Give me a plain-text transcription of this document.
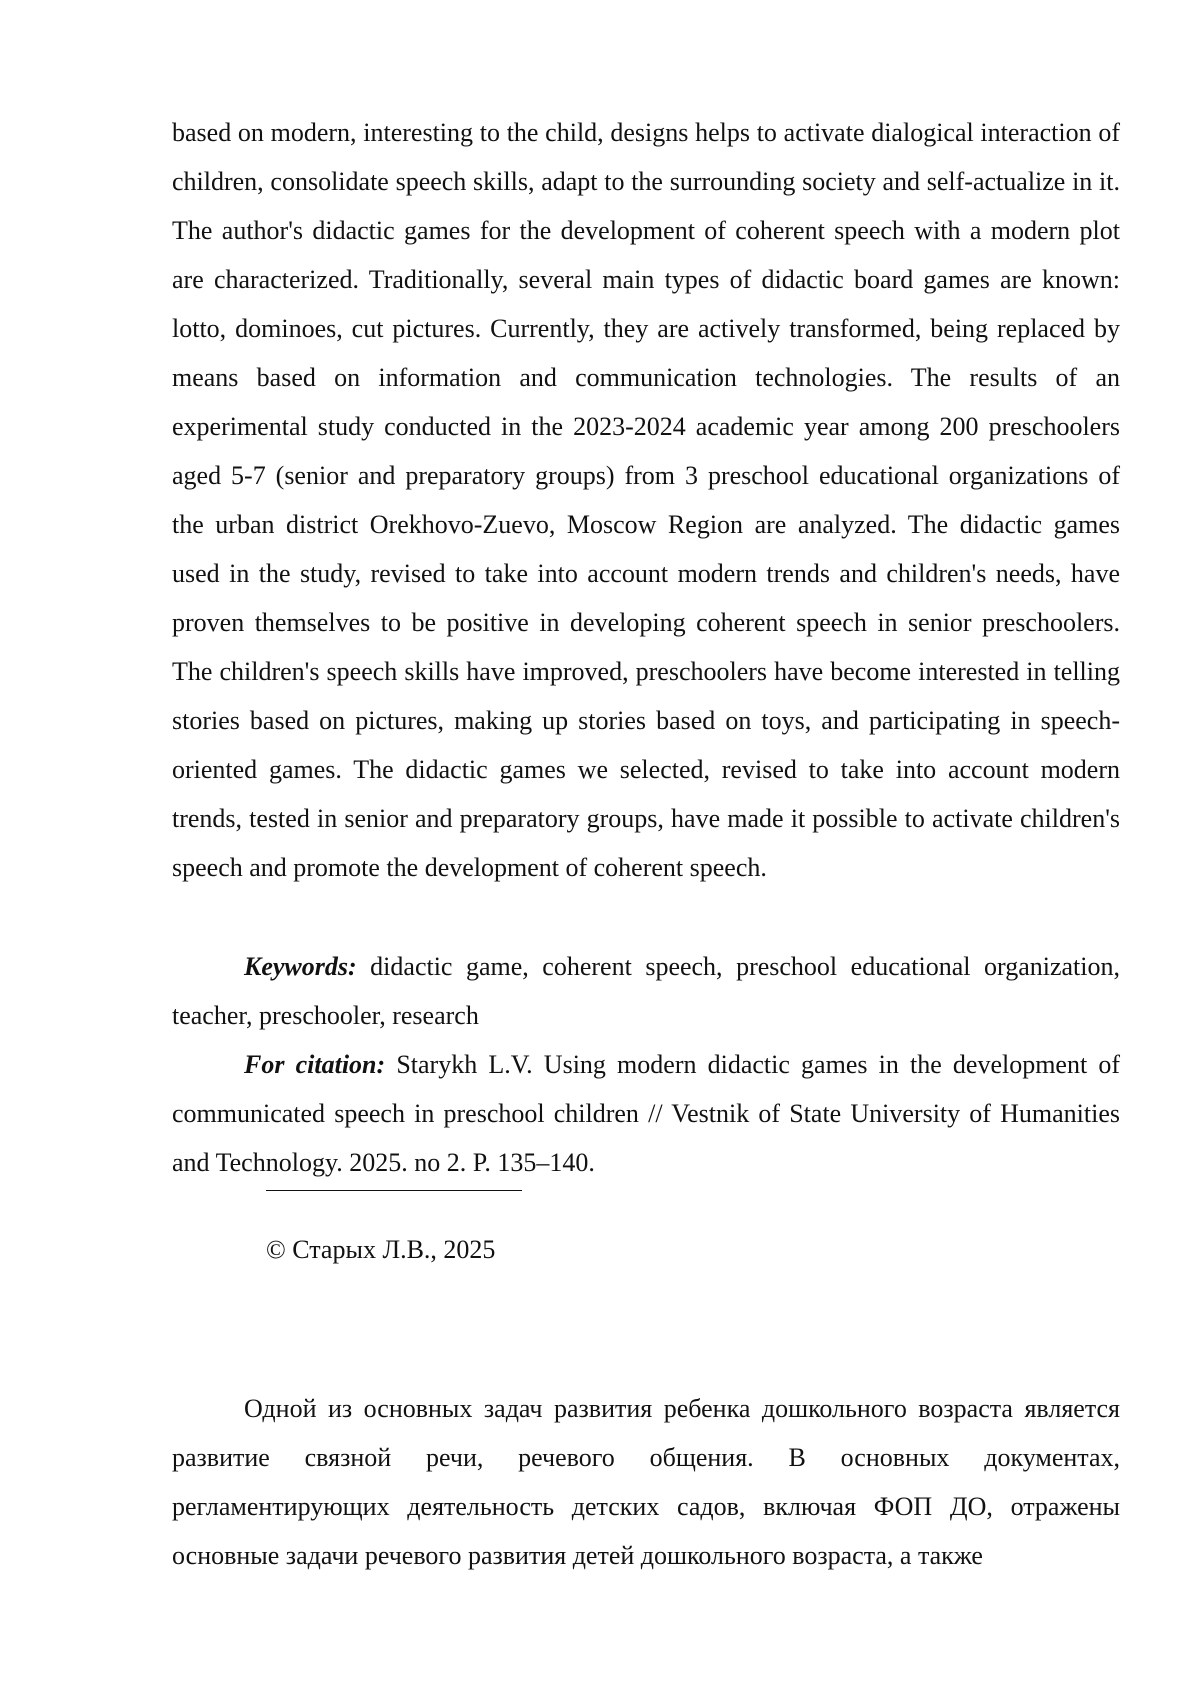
based on modern, interesting to the child, designs helps to activate dialogical interaction of children, consolidate speech skills, adapt to the surrounding society and self-actualize in it. The author's didactic games for the development of coherent speech with a modern plot are characterized. Traditionally, several main types of didactic board games are known: lotto, dominoes, cut pictures. Currently, they are actively transformed, being replaced by means based on information and communication technologies. The results of an experimental study conducted in the 2023-2024 academic year among 200 preschoolers aged 5-7 (senior and preparatory groups) from 3 preschool educational organizations of the urban district Orekhovo-Zuevo, Moscow Region are analyzed. The didactic games used in the study, revised to take into account modern trends and children's needs, have proven themselves to be positive in developing coherent speech in senior preschoolers. The children's speech skills have improved, preschoolers have become interested in telling stories based on pictures, making up stories based on toys, and participating in speech-oriented games. The didactic games we selected, revised to take into account modern trends, tested in senior and preparatory groups, have made it possible to activate children's speech and promote the development of coherent speech.

Keywords: didactic game, coherent speech, preschool educational organization, teacher, preschooler, research

For citation: Starykh L.V. Using modern didactic games in the development of communicated speech in preschool children // Vestnik of State University of Humanities and Technology. 2025. no 2. P. 135–140.

© Старых Л.В., 2025

Одной из основных задач развития ребенка дошкольного возраста является развитие связной речи, речевого общения. В основных документах, регламентирующих деятельность детских садов, включая ФОП ДО, отражены основные задачи речевого развития детей дошкольного возраста, а также
